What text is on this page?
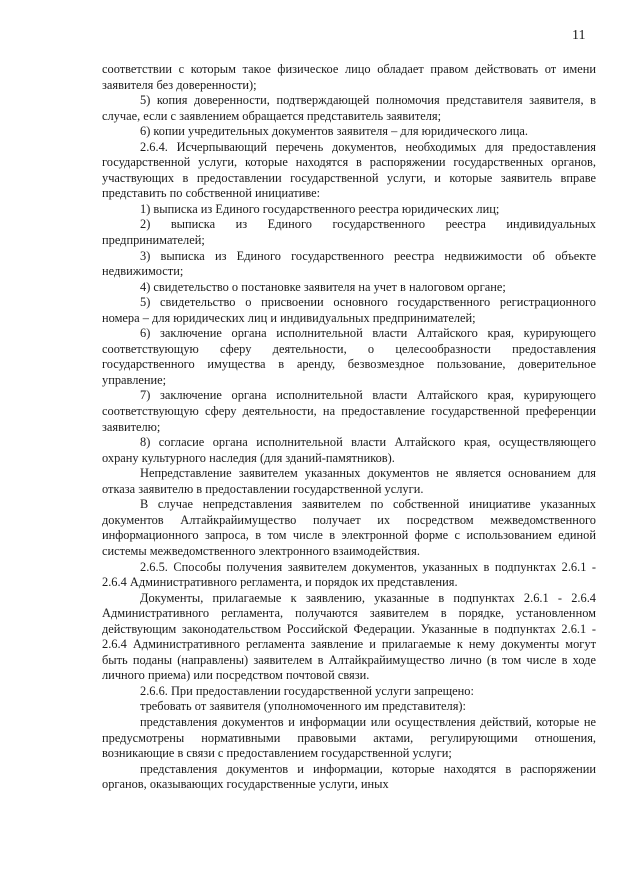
11

соответствии с которым такое физическое лицо обладает правом действовать от имени заявителя без доверенности);

5) копия доверенности, подтверждающей полномочия представителя заявителя, в случае, если с заявлением обращается представитель заявителя;

6) копии учредительных документов заявителя – для юридического лица.

2.6.4. Исчерпывающий перечень документов, необходимых для предоставления государственной услуги, которые находятся в распоряжении государственных органов, участвующих в предоставлении государственной услуги, и которые заявитель вправе представить по собственной инициативе:

1) выписка из Единого государственного реестра юридических лиц;

2) выписка из Единого государственного реестра индивидуальных предпринимателей;

3) выписка из Единого государственного реестра недвижимости об объекте недвижимости;

4) свидетельство о постановке заявителя на учет в налоговом органе;

5) свидетельство о присвоении основного государственного регистрационного номера – для юридических лиц и индивидуальных предпринимателей;

6) заключение органа исполнительной власти Алтайского края, курирующего соответствующую сферу деятельности, о целесообразности предоставления государственного имущества в аренду, безвозмездное пользование, доверительное управление;

7) заключение органа исполнительной власти Алтайского края, курирующего соответствующую сферу деятельности, на предоставление государственной преференции заявителю;

8) согласие органа исполнительной власти Алтайского края, осуществляющего охрану культурного наследия (для зданий-памятников).

Непредставление заявителем указанных документов не является основанием для отказа заявителю в предоставлении государственной услуги.

В случае непредставления заявителем по собственной инициативе указанных документов Алтайкрайимущество получает их посредством межведомственного информационного запроса, в том числе в электронной форме с использованием единой системы межведомственного электронного взаимодействия.

2.6.5. Способы получения заявителем документов, указанных в подпунктах 2.6.1 - 2.6.4 Административного регламента, и порядок их представления.

Документы, прилагаемые к заявлению, указанные в подпунктах 2.6.1 - 2.6.4 Административного регламента, получаются заявителем в порядке, установленном действующим законодательством Российской Федерации. Указанные в подпунктах 2.6.1 - 2.6.4 Административного регламента заявление и прилагаемые к нему документы могут быть поданы (направлены) заявителем в Алтайкрайимущество лично (в том числе в ходе личного приема) или посредством почтовой связи.

2.6.6. При предоставлении государственной услуги запрещено:

требовать от заявителя (уполномоченного им представителя):

представления документов и информации или осуществления действий, которые не предусмотрены нормативными правовыми актами, регулирующими отношения, возникающие в связи с предоставлением государственной услуги;

представления документов и информации, которые находятся в распоряжении органов, оказывающих государственные услуги, иных
